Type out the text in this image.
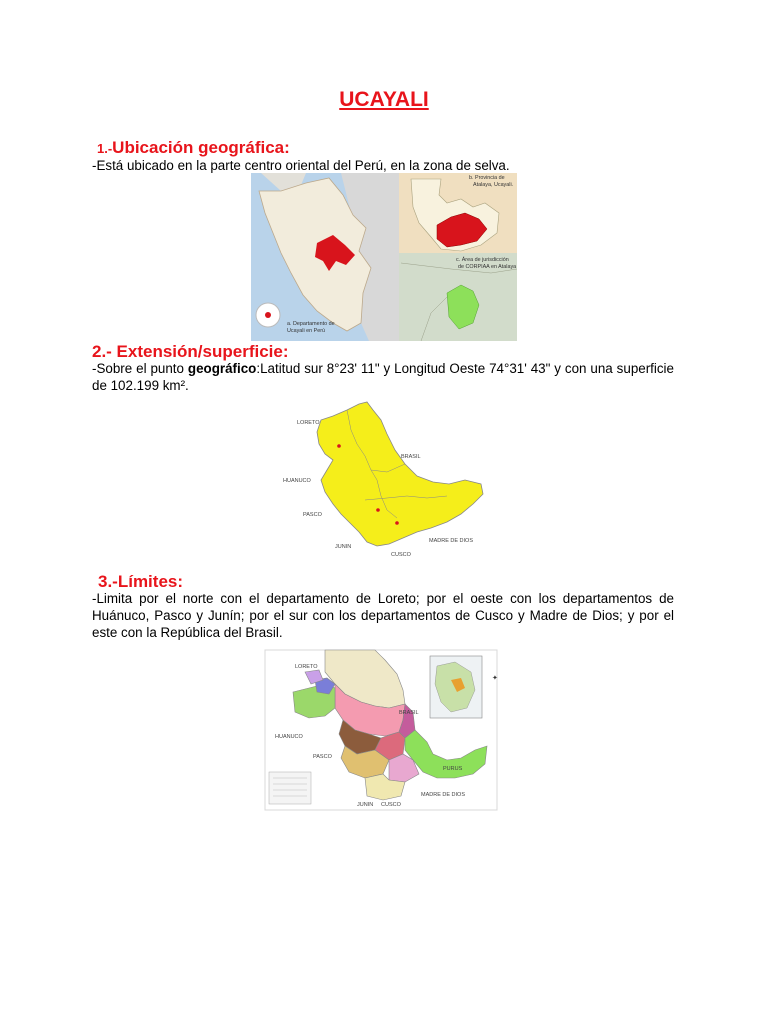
UCAYALI
1.-Ubicación geográfica:
-Está ubicado en la parte centro oriental del Perú, en la zona de selva.
a. Departamento de
Ucayali en Perú
b. Provincia de
Atalaya, Ucayali.
c. Área de jurisdicción
de CORPIAA en Atalaya
2.- Extensión/superficie:
-Sobre el punto geográfico:Latitud sur 8°23' 11" y Longitud Oeste 74°31' 43" y con una superficie de 102.199 km².
LORETO
BRASIL
HUANUCO
PASCO
JUNIN
CUSCO
MADRE DE DIOS
3.-Límites:
-Limita por el norte con el departamento de Loreto; por el oeste con los departamentos de Huánuco, Pasco y Junín; por el sur con los departamentos de Cusco y Madre de Dios; y por el este con la República del Brasil.
✦
LORETO
BRASIL
HUANUCO
PASCO
JUNIN CUSCO
MADRE DE DIOS
PURUS
